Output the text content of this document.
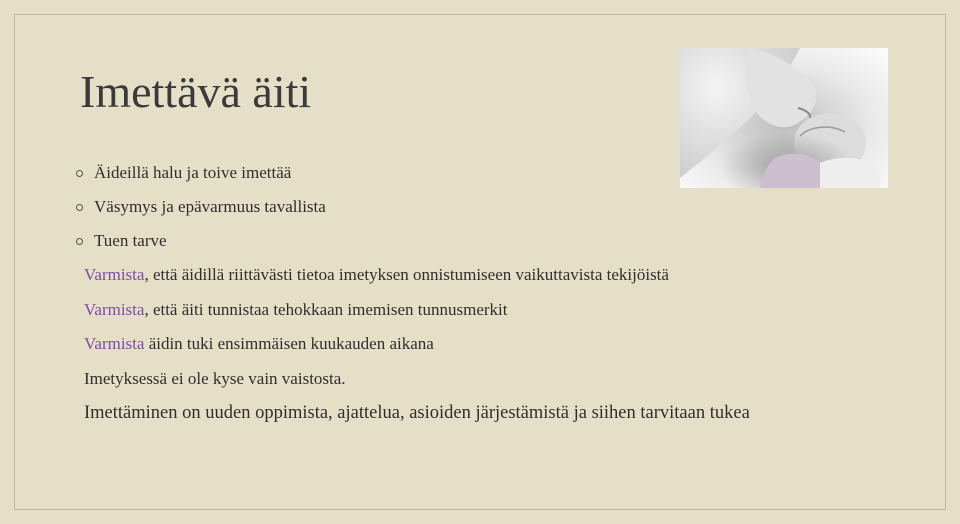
Imettävä äiti
Äideillä halu ja toive imettää
Väsymys ja epävarmuus tavallista
Tuen tarve
Varmista, että äidillä riittävästi tietoa imetyksen onnistumiseen vaikuttavista tekijöistä
Varmista, että äiti tunnistaa tehokkaan imemisen tunnusmerkit
Varmista äidin tuki ensimmäisen kuukauden aikana
Imetyksessä ei ole kyse vain vaistosta.
Imettäminen on uuden oppimista, ajattelua, asioiden järjestämistä ja siihen tarvitaan tukea
